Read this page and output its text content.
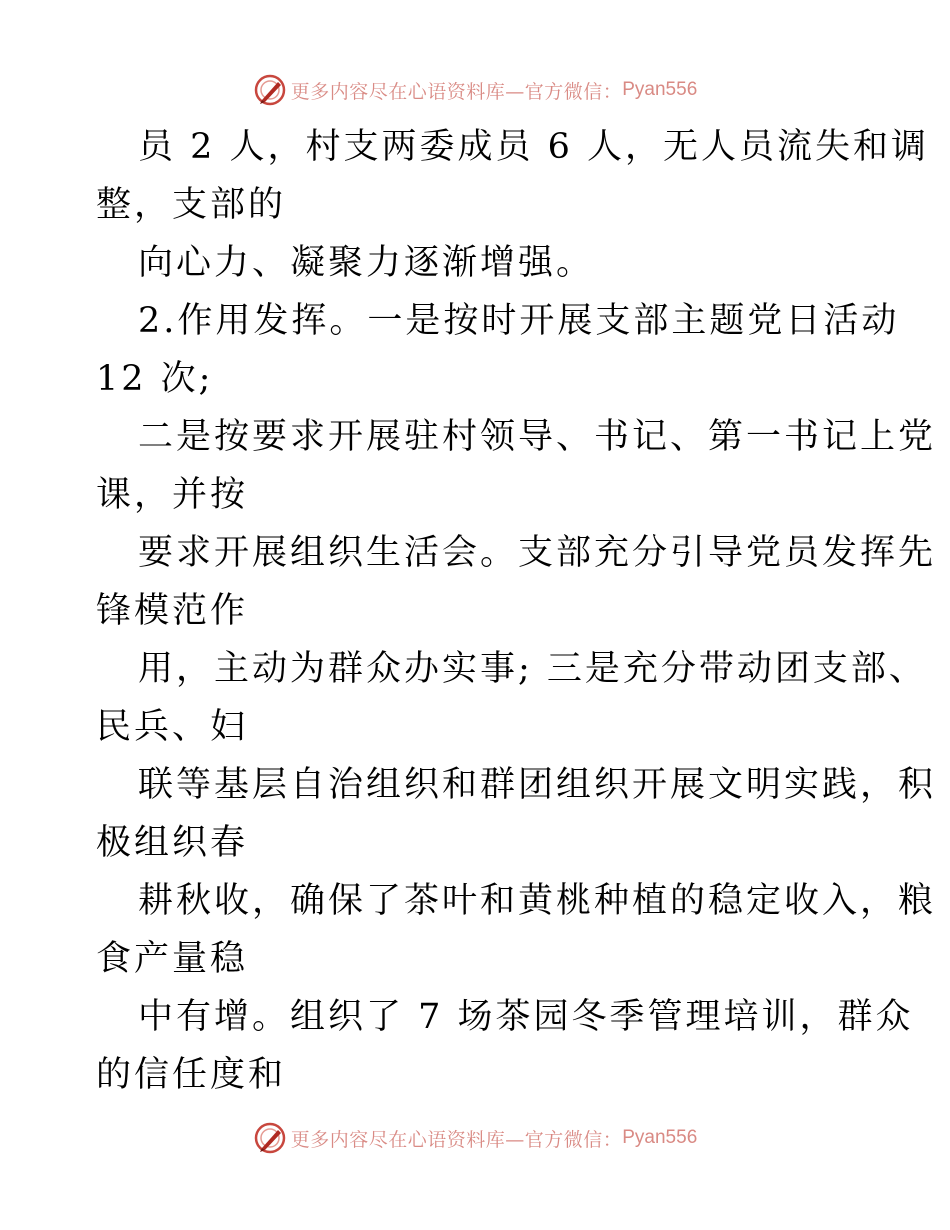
更多内容尽在心语资料库—官方微信： Pyan556
员 2 人，村支两委成员 6 人，无人员流失和调
整，支部的
向心力、凝聚力逐渐增强。
2.作用发挥。一是按时开展支部主题党日活动
12 次;
二是按要求开展驻村领导、书记、第一书记上党
课，并按
要求开展组织生活会。支部充分引导党员发挥先
锋模范作
用，主动为群众办实事; 三是充分带动团支部、
民兵、妇
联等基层自治组织和群团组织开展文明实践，积
极组织春
耕秋收，确保了茶叶和黄桃种植的稳定收入，粮
食产量稳
中有增。组织了 7 场茶园冬季管理培训，群众
的信任度和
更多内容尽在心语资料库—官方微信： Pyan556
